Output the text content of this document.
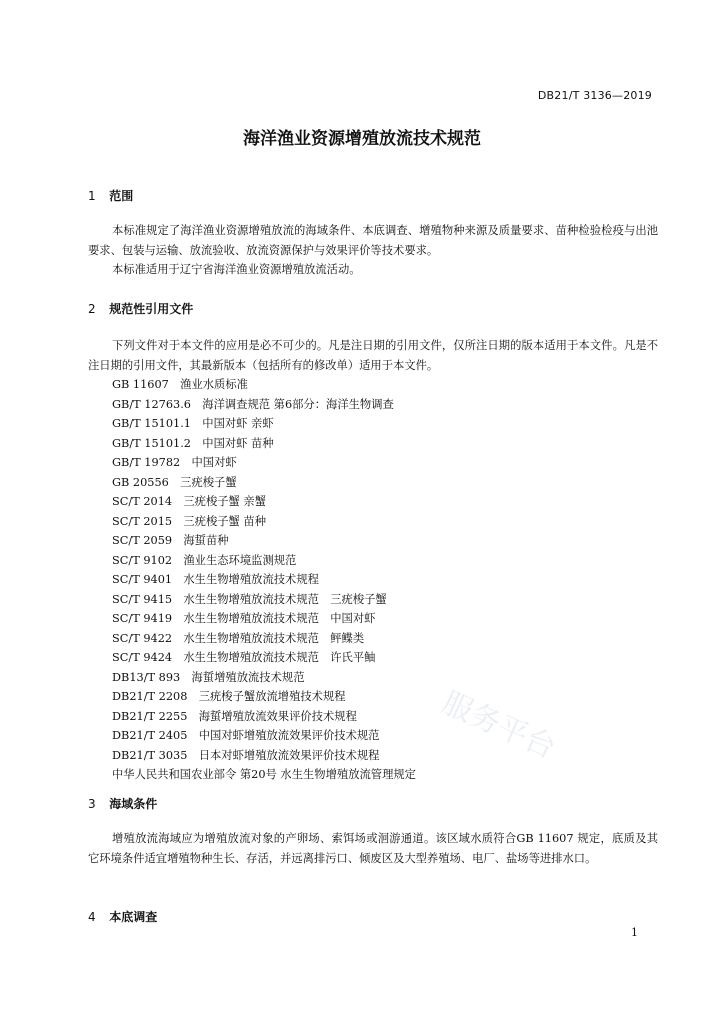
DB21/T 3136—2019
海洋渔业资源增殖放流技术规范
1 范围
本标准规定了海洋渔业资源增殖放流的海域条件、本底调查、增殖物种来源及质量要求、苗种检验检疫与出池要求、包装与运输、放流验收、放流资源保护与效果评价等技术要求。
本标准适用于辽宁省海洋渔业资源增殖放流活动。
2 规范性引用文件
下列文件对于本文件的应用是必不可少的。凡是注日期的引用文件，仅所注日期的版本适用于本文件。凡是不注日期的引用文件，其最新版本（包括所有的修改单）适用于本文件。
GB 11607　渔业水质标准
GB/T 12763.6　海洋调查规范 第6部分：海洋生物调查
GB/T 15101.1　中国对虾 亲虾
GB/T 15101.2　中国对虾 苗种
GB/T 19782　中国对虾
GB 20556　三疣梭子蟹
SC/T 2014　三疣梭子蟹 亲蟹
SC/T 2015　三疣梭子蟹 苗种
SC/T 2059　海蜇苗种
SC/T 9102　渔业生态环境监测规范
SC/T 9401　水生生物增殖放流技术规程
SC/T 9415　水生生物增殖放流技术规范　三疣梭子蟹
SC/T 9419　水生生物增殖放流技术规范　中国对虾
SC/T 9422　水生生物增殖放流技术规范　鲆鲽类
SC/T 9424　水生生物增殖放流技术规范　许氏平鲉
DB13/T 893　海蜇增殖放流技术规范
DB21/T 2208　三疣梭子蟹放流增殖技术规程
DB21/T 2255　海蜇增殖放流效果评价技术规程
DB21/T 2405　中国对虾增殖放流效果评价技术规范
DB21/T 3035　日本对虾增殖放流效果评价技术规程
中华人民共和国农业部令 第20号 水生生物增殖放流管理规定
3 海域条件
增殖放流海域应为增殖放流对象的产卵场、索饵场或洄游通道。该区域水质符合GB 11607 规定，底质及其它环境条件适宜增殖物种生长、存活，并远离排污口、倾废区及大型养殖场、电厂、盐场等进排水口。
4 本底调查
1
服务平台
